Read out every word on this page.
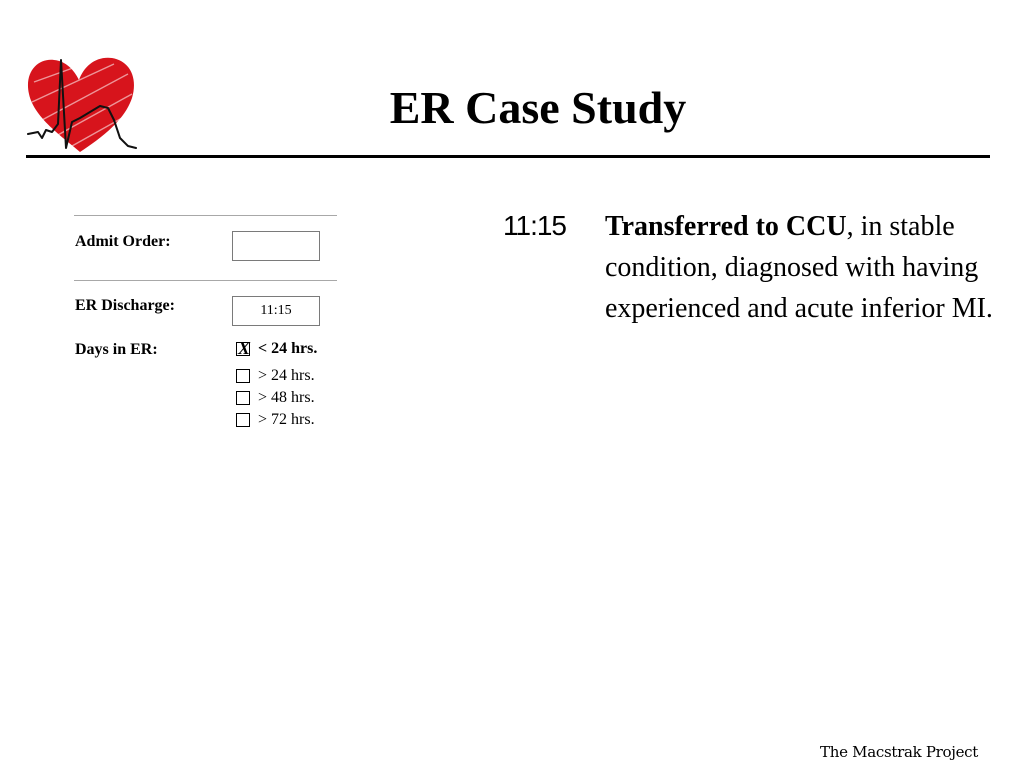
ER Case Study
Admit Order:
ER Discharge:	11:15
Days in ER:	X < 24 hrs.
> 24 hrs.
> 48 hrs.
> 72 hrs.
11:15 Transferred to CCU, in stable condition, diagnosed with having experienced and acute inferior MI.
The Macstrak Project
